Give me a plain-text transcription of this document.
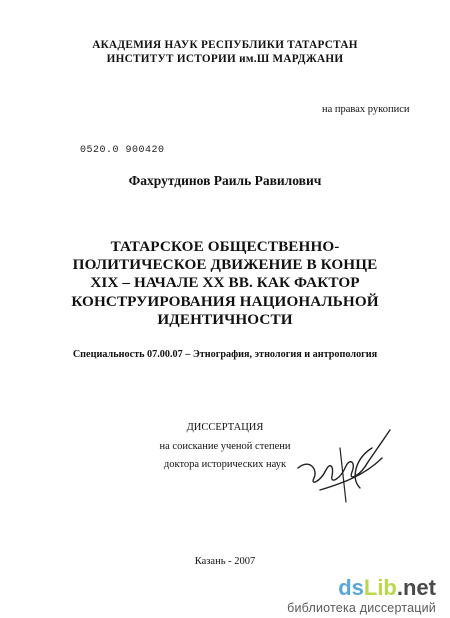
АКАДЕМИЯ НАУК РЕСПУБЛИКИ ТАТАРСТАН
ИНСТИТУТ ИСТОРИИ им.Ш МАРДЖАНИ
на правах рукописи
0520.0 900420
Фахрутдинов Раиль Равилович
ТАТАРСКОЕ ОБЩЕСТВЕННО-
ПОЛИТИЧЕСКОЕ ДВИЖЕНИЕ В КОНЦЕ
XIX – НАЧАЛЕ ХХ ВВ. КАК ФАКТОР
КОНСТРУИРОВАНИЯ НАЦИОНАЛЬНОЙ
ИДЕНТИЧНОСТИ
Специальность 07.00.07 – Этнография, этнология и антропология
ДИССЕРТАЦИЯ
на соискание ученой степени
доктора исторических наук
Казань - 2007
dsLib.net
библиотека диссертаций
